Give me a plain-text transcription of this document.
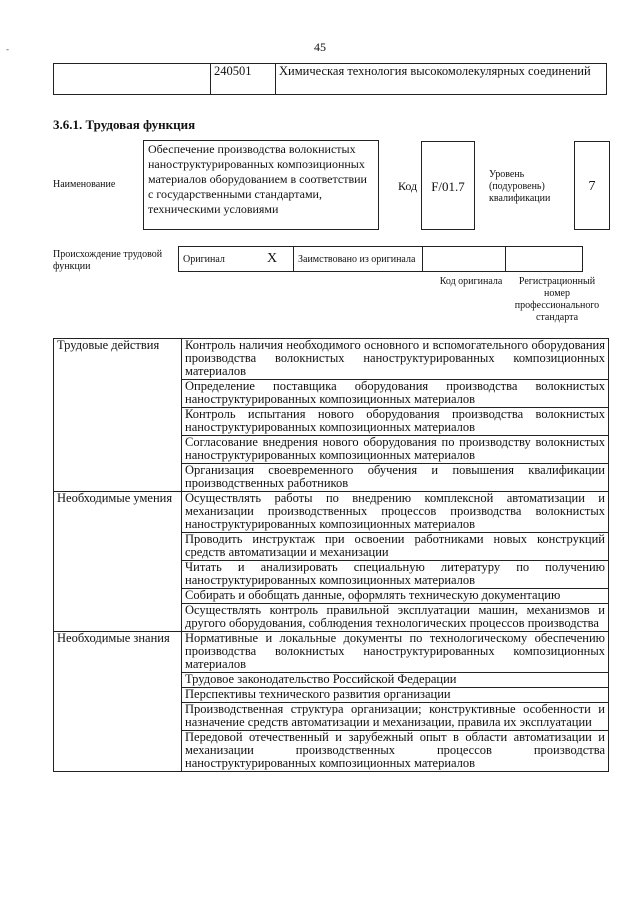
-	45
	240501	Химическая технология высокомолекулярных соединений
3.6.1. Трудовая функция
Наименование
Обеспечение производства волокнистых наноструктурированных композиционных материалов оборудованием в соответствии с государственными стандартами, техническими условиями
Код	F/01.7
Уровень (подуровень) квалификации
7
Происхождение трудовой функции
Оригинал	X	Заимствовано из оригинала		
Код оригинала	Регистрационный номер профессионального стандарта
Трудовые действия	Контроль наличия необходимого основного и вспомогательного оборудования производства волокнистых наноструктурированных композиционных материалов
	Определение поставщика оборудования производства волокнистых наноструктурированных композиционных материалов
	Контроль испытания нового оборудования производства волокнистых наноструктурированных композиционных материалов
	Согласование внедрения нового оборудования по производству волокнистых наноструктурированных композиционных материалов
	Организация своевременного обучения и повышения квалификации производственных работников
Необходимые умения	Осуществлять работы по внедрению комплексной автоматизации и механизации производственных процессов производства волокнистых наноструктурированных композиционных материалов
	Проводить инструктаж при освоении работниками новых конструкций средств автоматизации и механизации
	Читать и анализировать специальную литературу по получению наноструктурированных композиционных материалов
	Собирать и обобщать данные, оформлять техническую документацию
	Осуществлять контроль правильной эксплуатации машин, механизмов и другого оборудования, соблюдения технологических процессов производства
Необходимые знания	Нормативные и локальные документы по технологическому обеспечению производства волокнистых наноструктурированных композиционных материалов
	Трудовое законодательство Российской Федерации
	Перспективы технического развития организации
	Производственная структура организации; конструктивные особенности и назначение средств автоматизации и механизации, правила их эксплуатации
	Передовой отечественный и зарубежный опыт в области автоматизации и механизации производственных процессов производства наноструктурированных композиционных материалов
